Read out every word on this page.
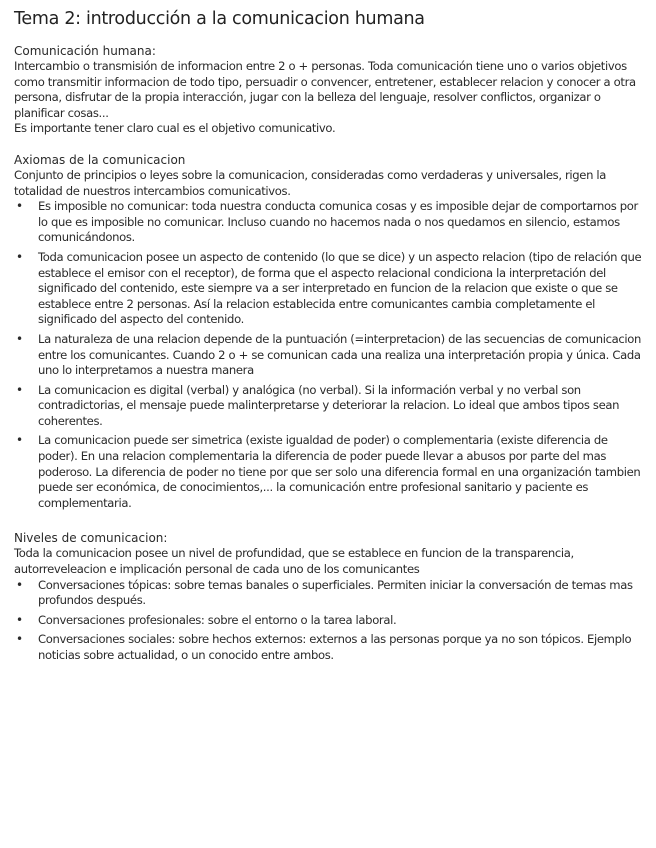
Tema 2: introducción a la comunicacion humana
Comunicación humana:

Intercambio o transmisión de informacion entre 2 o + personas. Toda comunicación tiene uno o varios objetivos como transmitir informacion de todo tipo, persuadir o convencer, entretener, establecer relacion y conocer a otra persona, disfrutar de la propia interacción, jugar con la belleza del lenguaje, resolver conflictos, organizar o planificar cosas...

Es importante tener claro cual es el objetivo comunicativo.

Axiomas de la comunicacion

Conjunto de principios o leyes sobre la comunicacion, consideradas como verdaderas y universales, rigen la totalidad de nuestros intercambios comunicativos.

• Es imposible no comunicar: toda nuestra conducta comunica cosas y es imposible dejar de comportarnos por lo que es imposible no comunicar. Incluso cuando no hacemos nada o nos quedamos en silencio, estamos comunicándonos.
• Toda comunicacion posee un aspecto de contenido (lo que se dice) y un aspecto relacion (tipo de relación que establece el emisor con el receptor), de forma que el aspecto relacional condiciona la interpretación del significado del contenido, este siempre va a ser interpretado en funcion de la relacion que existe o que se establece entre 2 personas. Así la relacion establecida entre comunicantes cambia completamente el significado del aspecto del contenido.
• La naturaleza de una relacion depende de la puntuación (=interpretacion) de las secuencias de comunicacion entre los comunicantes. Cuando 2 o + se comunican cada una realiza una interpretación propia y única. Cada uno lo interpretamos a nuestra manera
• La comunicacion es digital (verbal) y analógica (no verbal). Si la información verbal y no verbal son contradictorias, el mensaje puede malinterpretarse y deteriorar la relacion. Lo ideal que ambos tipos sean coherentes.
• La comunicacion puede ser simetrica (existe igualdad de poder) o complementaria (existe diferencia de poder). En una relacion complementaria la diferencia de poder puede llevar a abusos por parte del mas poderoso. La diferencia de poder no tiene por que ser solo una diferencia formal en una organización tambien puede ser económica, de conocimientos,... la comunicación entre profesional sanitario y paciente es complementaria.
Niveles de comunicacion:

Toda la comunicacion posee un nivel de profundidad, que se establece en funcion de la transparencia, autorreveleacion e implicación personal de cada uno de los comunicantes

• Conversaciones tópicas: sobre temas banales o superficiales. Permiten iniciar la conversación de temas mas profundos después.
• Conversaciones profesionales: sobre el entorno o la tarea laboral.
• Conversaciones sociales: sobre hechos externos: externos a las personas porque ya no son tópicos. Ejemplo noticias sobre actualidad, o un conocido entre ambos.
